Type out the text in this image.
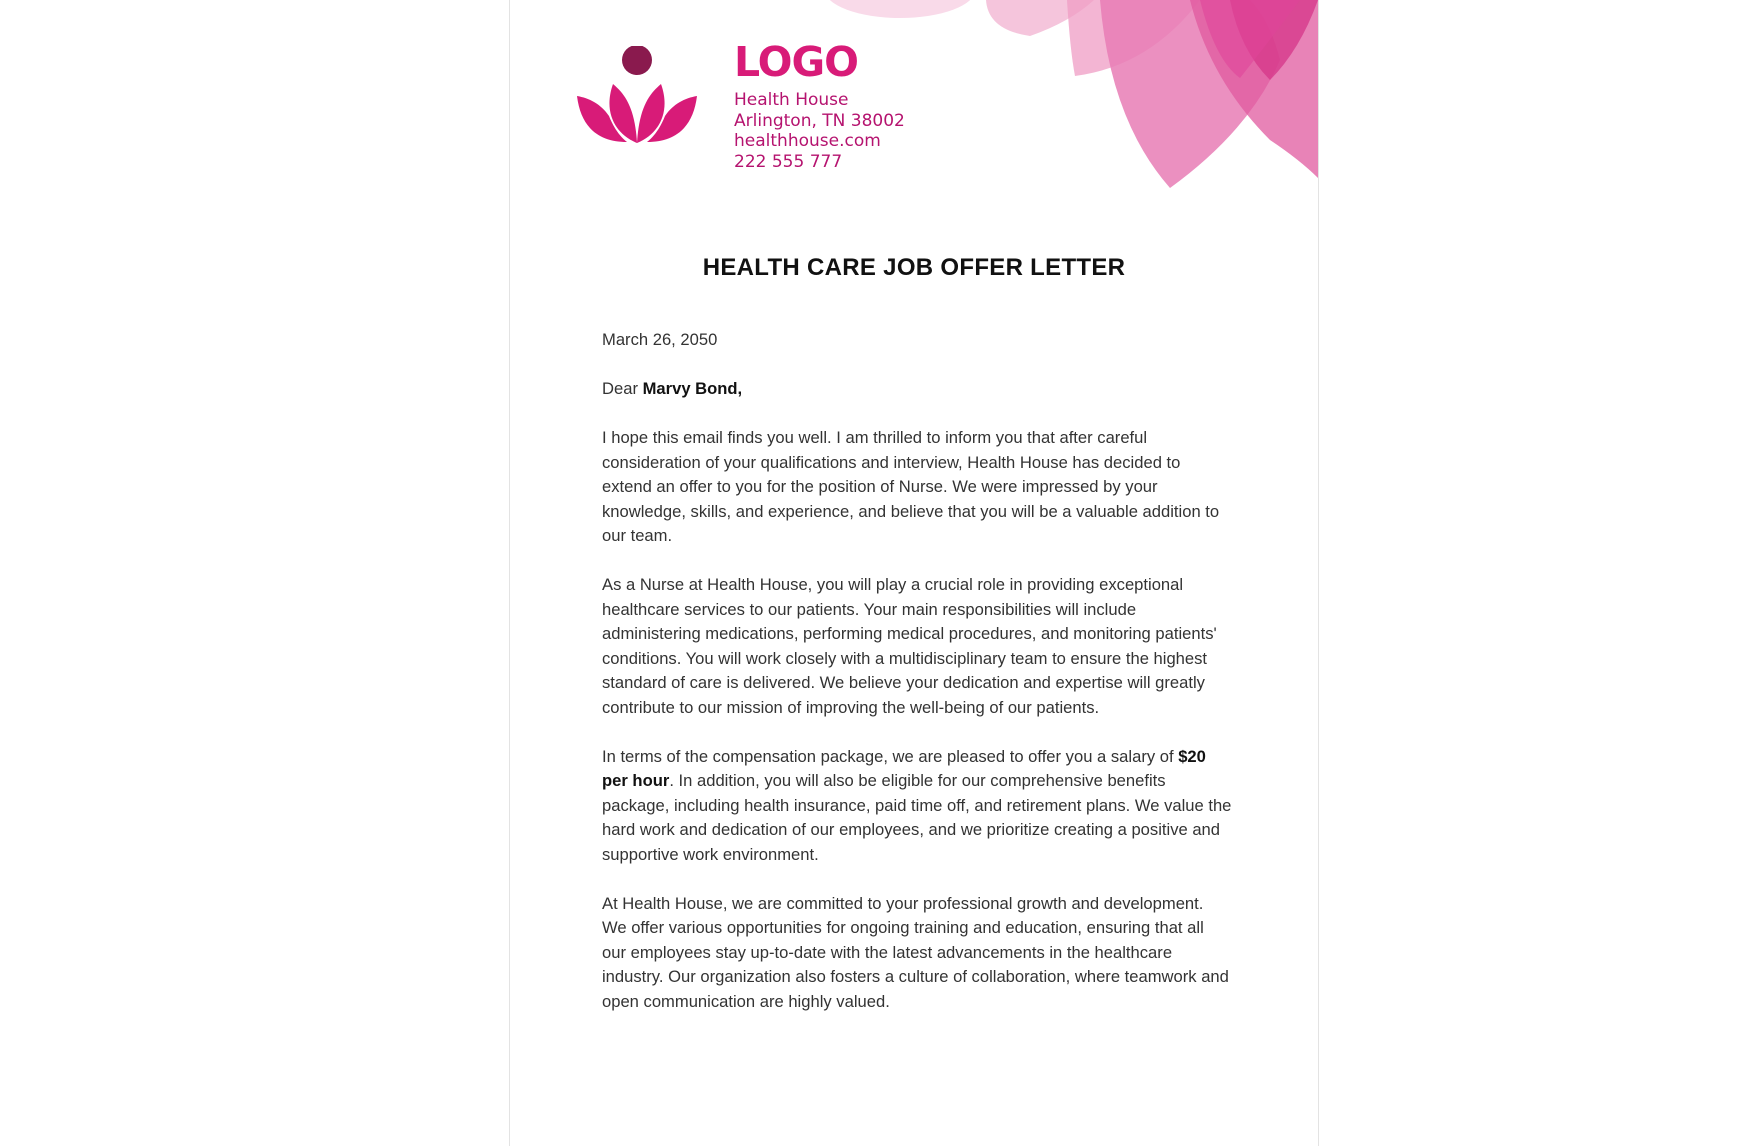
LOGO
Health House
Arlington, TN 38002
healthhouse.com
222 555 777
HEALTH CARE JOB OFFER LETTER

March 26, 2050

Dear Marvy Bond,

I hope this email finds you well. I am thrilled to inform you that after careful consideration of your qualifications and interview, Health House has decided to extend an offer to you for the position of Nurse. We were impressed by your knowledge, skills, and experience, and believe that you will be a valuable addition to our team.

As a Nurse at Health House, you will play a crucial role in providing exceptional healthcare services to our patients. Your main responsibilities will include administering medications, performing medical procedures, and monitoring patients' conditions. You will work closely with a multidisciplinary team to ensure the highest standard of care is delivered. We believe your dedication and expertise will greatly contribute to our mission of improving the well-being of our patients.

In terms of the compensation package, we are pleased to offer you a salary of $20 per hour. In addition, you will also be eligible for our comprehensive benefits package, including health insurance, paid time off, and retirement plans. We value the hard work and dedication of our employees, and we prioritize creating a positive and supportive work environment.

At Health House, we are committed to your professional growth and development. We offer various opportunities for ongoing training and education, ensuring that all our employees stay up-to-date with the latest advancements in the healthcare industry. Our organization also fosters a culture of collaboration, where teamwork and open communication are highly valued.
